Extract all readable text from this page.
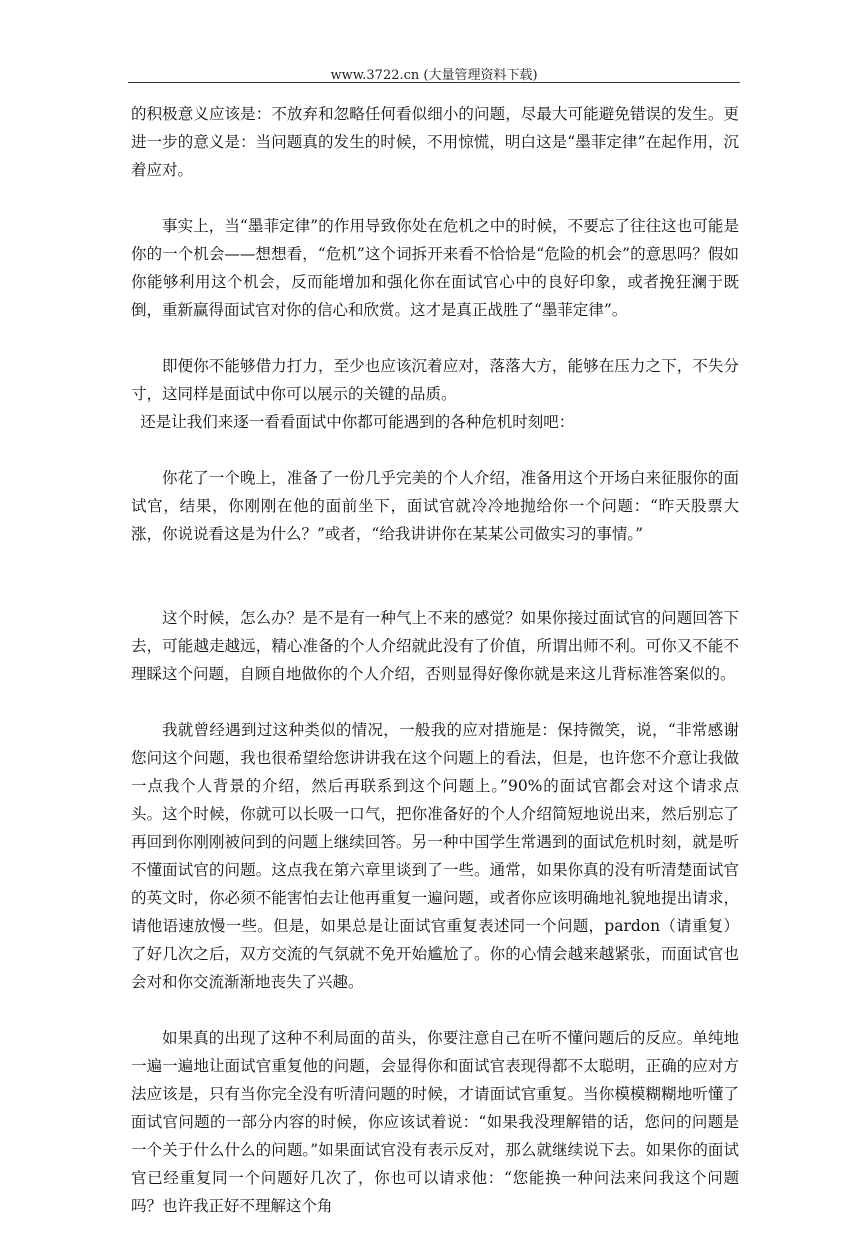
www.3722.cn (大量管理资料下载)

的积极意义应该是：不放弃和忽略任何看似细小的问题，尽最大可能避免错误的发生。更进一步的意义是：当问题真的发生的时候，不用惊慌，明白这是“墨菲定律”在起作用，沉着应对。

事实上，当“墨菲定律”的作用导致你处在危机之中的时候，不要忘了往往这也可能是你的一个机会——想想看，“危机”这个词拆开来看不恰恰是“危险的机会”的意思吗？假如你能够利用这个机会，反而能增加和强化你在面试官心中的良好印象，或者挽狂澜于既倒，重新赢得面试官对你的信心和欣赏。这才是真正战胜了“墨菲定律”。

即便你不能够借力打力，至少也应该沉着应对，落落大方，能够在压力之下，不失分寸，这同样是面试中你可以展示的关键的品质。

还是让我们来逐一看看面试中你都可能遇到的各种危机时刻吧：

你花了一个晚上，准备了一份几乎完美的个人介绍，准备用这个开场白来征服你的面试官，结果，你刚刚在他的面前坐下，面试官就冷冷地抛给你一个问题：“昨天股票大涨，你说说看这是为什么？”或者，“给我讲讲你在某某公司做实习的事情。”

这个时候，怎么办？是不是有一种气上不来的感觉？如果你接过面试官的问题回答下去，可能越走越远，精心准备的个人介绍就此没有了价值，所谓出师不利。可你又不能不理睬这个问题，自顾自地做你的个人介绍，否则显得好像你就是来这儿背标准答案似的。

我就曾经遇到过这种类似的情况，一般我的应对措施是：保持微笑，说，“非常感谢您问这个问题，我也很希望给您讲讲我在这个问题上的看法，但是，也许您不介意让我做一点我个人背景的介绍，然后再联系到这个问题上。”90%的面试官都会对这个请求点头。这个时候，你就可以长吸一口气，把你准备好的个人介绍简短地说出来，然后别忘了再回到你刚刚被问到的问题上继续回答。另一种中国学生常遇到的面试危机时刻，就是听不懂面试官的问题。这点我在第六章里谈到了一些。通常，如果你真的没有听清楚面试官的英文时，你必须不能害怕去让他再重复一遍问题，或者你应该明确地礼貌地提出请求，请他语速放慢一些。但是，如果总是让面试官重复表述同一个问题，pardon（请重复）了好几次之后，双方交流的气氛就不免开始尴尬了。你的心情会越来越紧张，而面试官也会对和你交流渐渐地丧失了兴趣。

如果真的出现了这种不利局面的苗头，你要注意自己在听不懂问题后的反应。单纯地一遍一遍地让面试官重复他的问题，会显得你和面试官表现得都不太聪明，正确的应对方法应该是，只有当你完全没有听清问题的时候，才请面试官重复。当你模模糊糊地听懂了面试官问题的一部分内容的时候，你应该试着说：“如果我没理解错的话，您问的问题是一个关于什么什么的问题。”如果面试官没有表示反对，那么就继续说下去。如果你的面试官已经重复同一个问题好几次了，你也可以请求他：“您能换一种问法来问我这个问题吗？也许我正好不理解这个角
